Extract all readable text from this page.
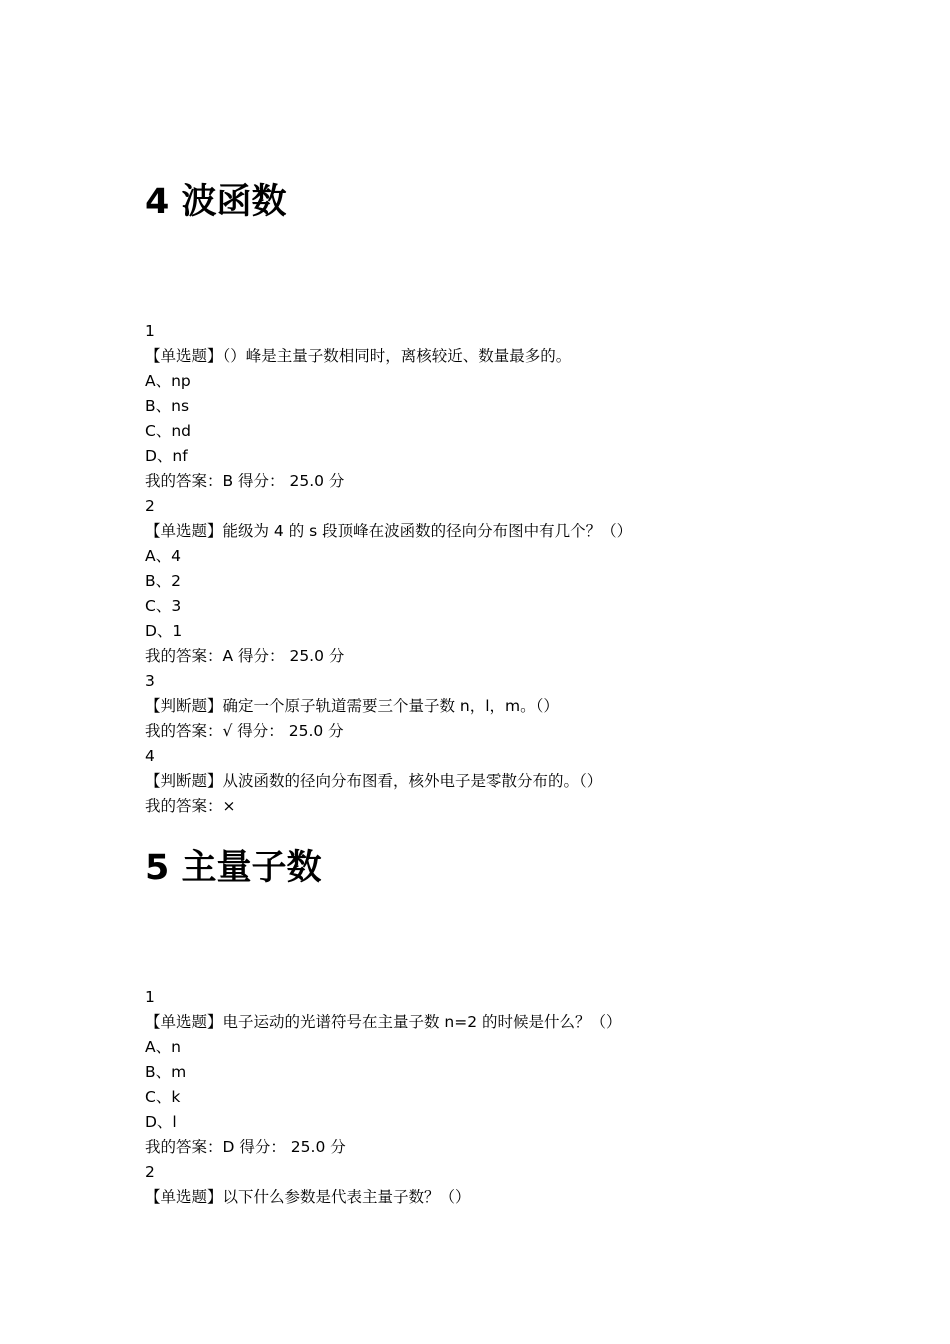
4 波函数
1
【单选题】（）峰是主量子数相同时，离核较近、数量最多的。
A、np
B、ns
C、nd
D、nf
我的答案：B 得分： 25.0 分
2
【单选题】能级为 4 的 s 段顶峰在波函数的径向分布图中有几个？（）
A、4
B、2
C、3
D、1
我的答案：A 得分： 25.0 分
3
【判断题】确定一个原子轨道需要三个量子数 n，l，m。（）
我的答案：√ 得分： 25.0 分
4
【判断题】从波函数的径向分布图看，核外电子是零散分布的。（）
我的答案：×
5 主量子数
1
【单选题】电子运动的光谱符号在主量子数 n=2 的时候是什么？（）
A、n
B、m
C、k
D、l
我的答案：D 得分： 25.0 分
2
【单选题】以下什么参数是代表主量子数？（）
